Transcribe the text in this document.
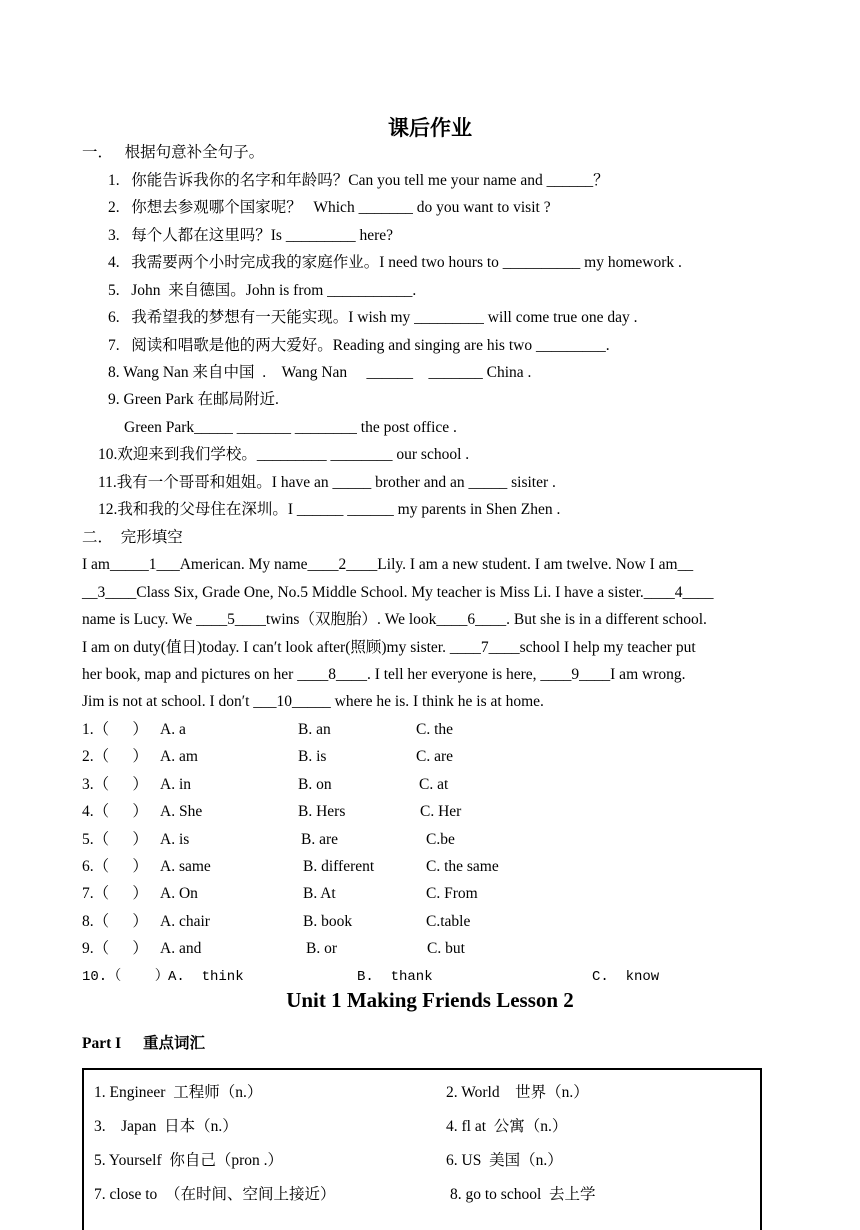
课后作业
一．   根据句意补全句子。
1.   你能告诉我你的名字和年龄吗？Can you tell me your name and ______？
2.   你想去参观哪个国家呢？   Which _______ do you want to visit ?
3.   每个人都在这里吗？Is _________ here?
4.   我需要两个小时完成我的家庭作业。I need two hours to __________ my homework .
5.   John  来自德国。John is from ___________.
6.   我希望我的梦想有一天能实现。I wish my _________ will come true one day .
7.   阅读和唱歌是他的两大爱好。Reading and singing are his two _________.
8. Wang Nan 来自中国  .    Wang Nan     ______    _______ China .
9. Green Park 在邮局附近.
Green Park_____ _______ ________ the post office .
10.欢迎来到我们学校。_________ ________ our school .
11.我有一个哥哥和姐姐。I have an _____ brother and an _____ sisiter .
12.我和我的父母住在深圳。I ______ ______ my parents in Shen Zhen .
二．  完形填空
I am_____1___American. My name____2____Lily. I am a new student. I am twelve. Now I am__
__3____Class Six, Grade One, No.5 Middle School. My teacher is Miss Li. I have a sister.____4____
name is Lucy. We ____5____twins（双胞胎）. We look____6____. But she is in a different school.
I am on duty(值日)today. I can′t look after(照顾)my sister. ____7____school I help my teacher put
her book, map and pictures on her ____8____. I tell her everyone is here, ____9____I am wrong.
Jim is not at school. I don′t ___10_____ where he is. I think he is at home.
1.（      ） A. a	B. an	C. the
2.（      ） A. am	B. is	C. are
3.（      ） A. in	B. on	C. at
4.（      ） A. She	B. Hers	C. Her
5.（      ） A. is	B. are	C.be
6.（      ） A. same	B. different	C. the same
7.（      ） A. On	B. At	C. From
8.（      ） A. chair	B. book	C.table
9.（      ） A. and	B. or	C. but
10.（    ） A.  think	B.  thank	C.  know
Unit 1 Making Friends Lesson 2
Part I 重点词汇
1. Engineer  工程师（n.）	2. World    世界（n.）
3.    Japan  日本（n.）	4. fl at  公寓（n.）
5. Yourself  你自己（pron .）	6. US  美国（n.）
7. close to  （在时间、空间上接近）	8. go to school  去上学
